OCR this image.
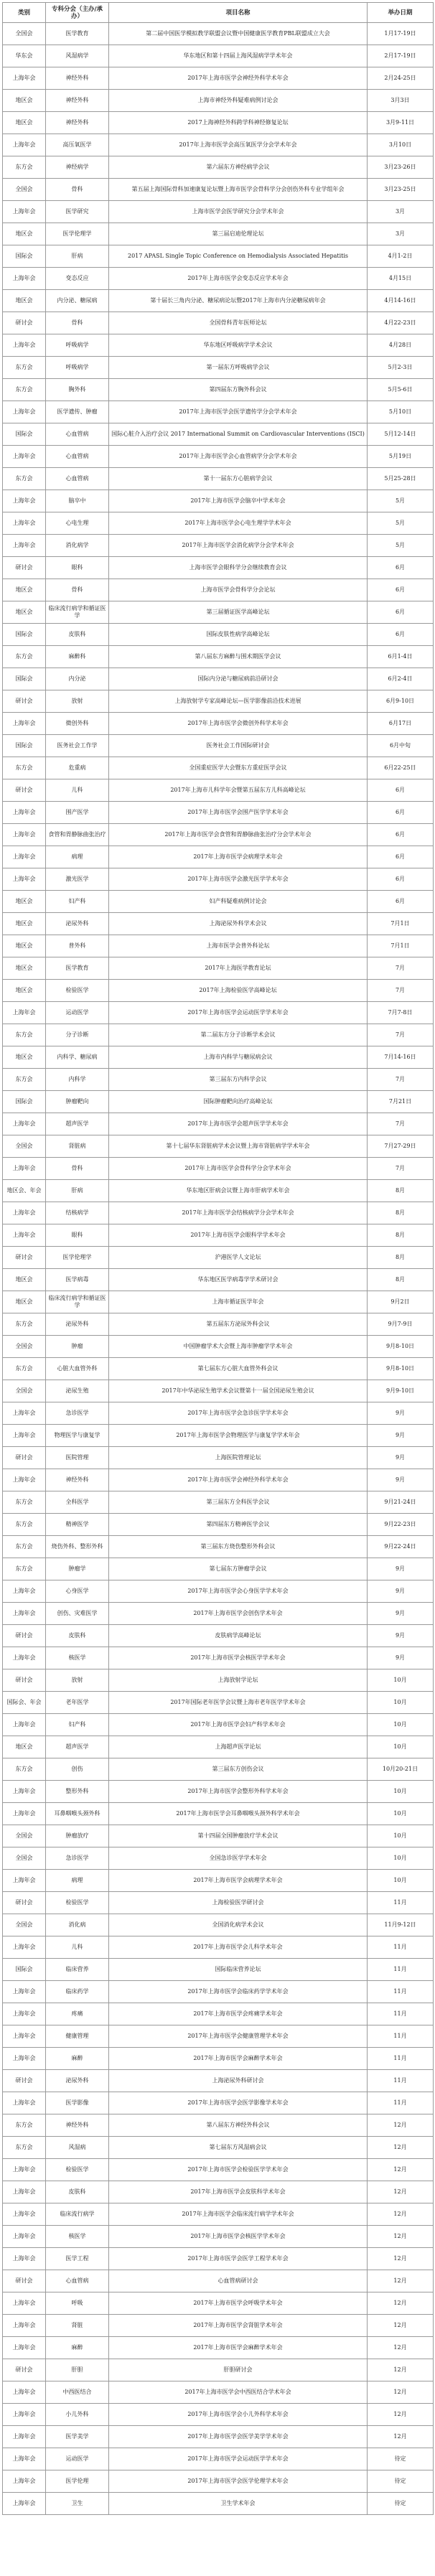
类别	专科分会（主办/承办）	项目名称	举办日期
全国会	医学教育	第二届中国医学模拟教学联盟会议暨中国健康医学教育PBL联盟成立大会	1月17-19日
华东会	风湿病学	华东地区和第十四届上海风湿病学学术年会	2月17-19日
上海年会	神经外科	2017年上海市医学会神经外科学术年会	2月24-25日
地区会	神经外科	上海市神经外科疑难病例讨论会	3月3日
地区会	神经外科	2017上海神经外科跨学科神经修复论坛	3月9-11日
上海年会	高压氧医学	2017年上海市医学会高压氧医学分会学术年会	3月10日
东方会	神经病学	第六届东方神经病学会议	3月23-26日
全国会	骨科	第五届上海国际骨科加速康复论坛暨上海市医学会骨科学分会创伤外科专业学组年会	3月23-25日
上海年会	医学研究	上海市医学会医学研究分会学术年会	3月
地区会	医学伦理学	第三届启迪伦理论坛	3月
国际会	肝病	2017 APASL Single Topic Conference on Hemodialysis Associated Hepatitis	4月1-2日
上海年会	变态反应	2017年上海市医学会变态反应学术年会	4月15日
地区会	内分泌、糖尿病	第十届长三角内分泌、糖尿病论坛暨2017年上海市内分泌糖尿病年会	4月14-16日
研讨会	骨科	全国骨科青年医师论坛	4月22-23日
上海年会	呼吸病学	华东地区呼吸病学学术会议	4月28日
东方会	呼吸病学	第一届东方呼吸病学会议	5月2-3日
东方会	胸外科	第四届东方胸外科会议	5月5-6日
上海年会	医学遗传、肿瘤	2017年上海市医学会医学遗传学分会学术年会	5月10日
国际会	心血管病	国际心脏介入治疗会议 2017 International Summit on Cardiovascular Interventions (ISCI)	5月12-14日
上海年会	心血管病	2017年上海市医学会心血管病学分会学术年会	5月19日
东方会	心血管病	第十一届东方心脏病学会议	5月25-28日
上海年会	脑卒中	2017年上海市医学会脑卒中学术年会	5月
上海年会	心电生理	2017年上海市医学会心电生理学学术年会	5月
上海年会	消化病学	2017年上海市医学会消化病学分会学术年会	5月
研讨会	眼科	上海市医学会眼科学分会继续教育会议	6月
地区会	骨科	上海市医学会骨科学分会论坛	6月
地区会	临床流行病学和循证医学	第三届循证医学高峰论坛	6月
国际会	皮肤科	国际皮肤性病学高峰论坛	6月
东方会	麻醉科	第八届东方麻醉与围术期医学会议	6月1-4日
国际会	内分泌	国际内分泌与糖尿病前沿研讨会	6月2-4日
研讨会	放射	上海放射学专家高峰论坛—医学影像前沿技术进展	6月9-10日
上海年会	微创外科	2017年上海市医学会微创外科学术年会	6月17日
国际会	医务社会工作学	医务社会工作国际研讨会	6月中旬
东方会	危重病	全国重症医学大会暨东方重症医学会议	6月22-25日
研讨会	儿科	2017年上海市儿科学年会暨第五届东方儿科高峰论坛	6月
上海年会	围产医学	2017年上海市医学会围产医学学术年会	6月
上海年会	食管和胃静脉曲张治疗	2017年上海市医学会食管和胃静脉曲张治疗分会学术年会	6月
上海年会	病理	2017年上海市医学会病理学术年会	6月
上海年会	激光医学	2017年上海市医学会激光医学学术年会	6月
地区会	妇产科	妇产科疑难病例讨论会	6月
地区会	泌尿外科	上海泌尿外科学术会议	7月1日
地区会	普外科	上海市医学会普外科论坛	7月1日
地区会	医学教育	2017年上海医学教育论坛	7月
地区会	检验医学	2017年上海检验医学高峰论坛	7月
上海年会	运动医学	2017年上海市医学会运动医学学术年会	7月7-8日
东方会	分子诊断	第二届东方分子诊断学术会议	7月
地区会	内科学、糖尿病	上海市内科学与糖尿病会议	7月14-16日
东方会	内科学	第三届东方内科学会议	7月
国际会	肿瘤靶向	国际肿瘤靶向治疗高峰论坛	7月21日
上海年会	超声医学	2017年上海市医学会超声医学学术年会	7月
全国会	肾脏病	第十七届华东肾脏病学术会议暨上海市肾脏病学学术年会	7月27-29日
上海年会	骨科	2017年上海市医学会骨科学分会学术年会	7月
地区会、年会	肝病	华东地区肝病会议暨上海市肝病学术年会	8月
上海年会	结核病学	2017年上海市医学会结核病学分会学术年会	8月
上海年会	眼科	2017年上海市医学会眼科学学术年会	8月
研讨会	医学伦理学	沪港医学人文论坛	8月
地区会	医学病毒	华东地区医学病毒学学术研讨会	8月
地区会	临床流行病学和循证医学	上海市循证医学年会	9月2日
东方会	泌尿外科	第五届东方泌尿外科会议	9月7-9日
全国会	肿瘤	中国肿瘤学术大会暨上海市肿瘤学学术年会	9月8-10日
东方会	心脏大血管外科	第七届东方心脏大血管外科会议	9月8-10日
全国会	泌尿生殖	2017年中华泌尿生殖学术会议暨第十一届全国泌尿生殖会议	9月9-10日
上海年会	急诊医学	2017年上海市医学会急诊医学学术年会	9月
上海年会	物理医学与康复学	2017年上海市医学会物理医学与康复学学术年会	9月
研讨会	医院管理	上海医院管理论坛	9月
上海年会	神经外科	2017年上海市医学会神经外科学术年会	9月
东方会	全科医学	第三届东方全科医学会议	9月21-24日
东方会	精神医学	第四届东方精神医学会议	9月22-23日
东方会	烧伤外科、整形外科	第三届东方烧伤整形外科会议	9月22-24日
东方会	肿瘤学	第七届东方肿瘤学会议	9月
上海年会	心身医学	2017年上海市医学会心身医学学术年会	9月
上海年会	创伤、灾难医学	2017年上海市医学会创伤学术年会	9月
研讨会	皮肤科	皮肤病学高峰论坛	9月
上海年会	核医学	2017年上海市医学会核医学学术年会	9月
研讨会	放射	上海放射学论坛	10月
国际会、年会	老年医学	2017年国际老年医学会议暨上海市老年医学学术年会	10月
上海年会	妇产科	2017年上海市医学会妇产科学术年会	10月
地区会	超声医学	上海超声医学论坛	10月
东方会	创伤	第三届东方创伤会议	10月20-21日
上海年会	整形外科	2017年上海市医学会整形外科学术年会	10月
上海年会	耳鼻咽喉头颈外科	2017年上海市医学会耳鼻咽喉头颈外科学术年会	10月
全国会	肿瘤放疗	第十四届全国肿瘤放疗学术会议	10月
全国会	急诊医学	全国急诊医学学术年会	10月
上海年会	病理	2017年上海市医学会病理学术年会	10月
研讨会	检验医学	上海检验医学研讨会	11月
全国会	消化病	全国消化病学术会议	11月9-12日
上海年会	儿科	2017年上海市医学会儿科学术年会	11月
国际会	临床营养	国际临床营养论坛	11月
上海年会	临床药学	2017年上海市医学会临床药学学术年会	11月
上海年会	疼痛	2017年上海市医学会疼痛学术年会	11月
上海年会	健康管理	2017年上海市医学会健康管理学术年会	11月
上海年会	麻醉	2017年上海市医学会麻醉学术年会	11月
研讨会	泌尿外科	上海泌尿外科研讨会	11月
上海年会	医学影像	2017年上海市医学会医学影像学术年会	11月
东方会	神经外科	第八届东方神经外科会议	12月
东方会	风湿病	第七届东方风湿病会议	12月
上海年会	检验医学	2017年上海市医学会检验医学学术年会	12月
上海年会	皮肤科	2017年上海市医学会皮肤科学术年会	12月
上海年会	临床流行病学	2017年上海市医学会临床流行病学学术年会	12月
上海年会	核医学	2017年上海市医学会核医学学术年会	12月
上海年会	医学工程	2017年上海市医学会医学工程学术年会	12月
研讨会	心血管病	心血管病研讨会	12月
上海年会	呼吸	2017年上海市医学会呼吸学术年会	12月
上海年会	肾脏	2017年上海市医学会肾脏学术年会	12月
上海年会	麻醉	2017年上海市医学会麻醉学术年会	12月
研讨会	肝胆	肝胆研讨会	12月
上海年会	中西医结合	2017年上海市医学会中西医结合学术年会	12月
上海年会	小儿外科	2017年上海市医学会小儿外科学术年会	12月
上海年会	医学美学	2017年上海市医学会医学美学学术年会	12月
上海年会	运动医学	2017年上海市医学会运动医学学术年会	待定
上海年会	医学伦理	2017年上海市医学会医学伦理学术年会	待定
上海年会	卫生	卫生学术年会	待定
